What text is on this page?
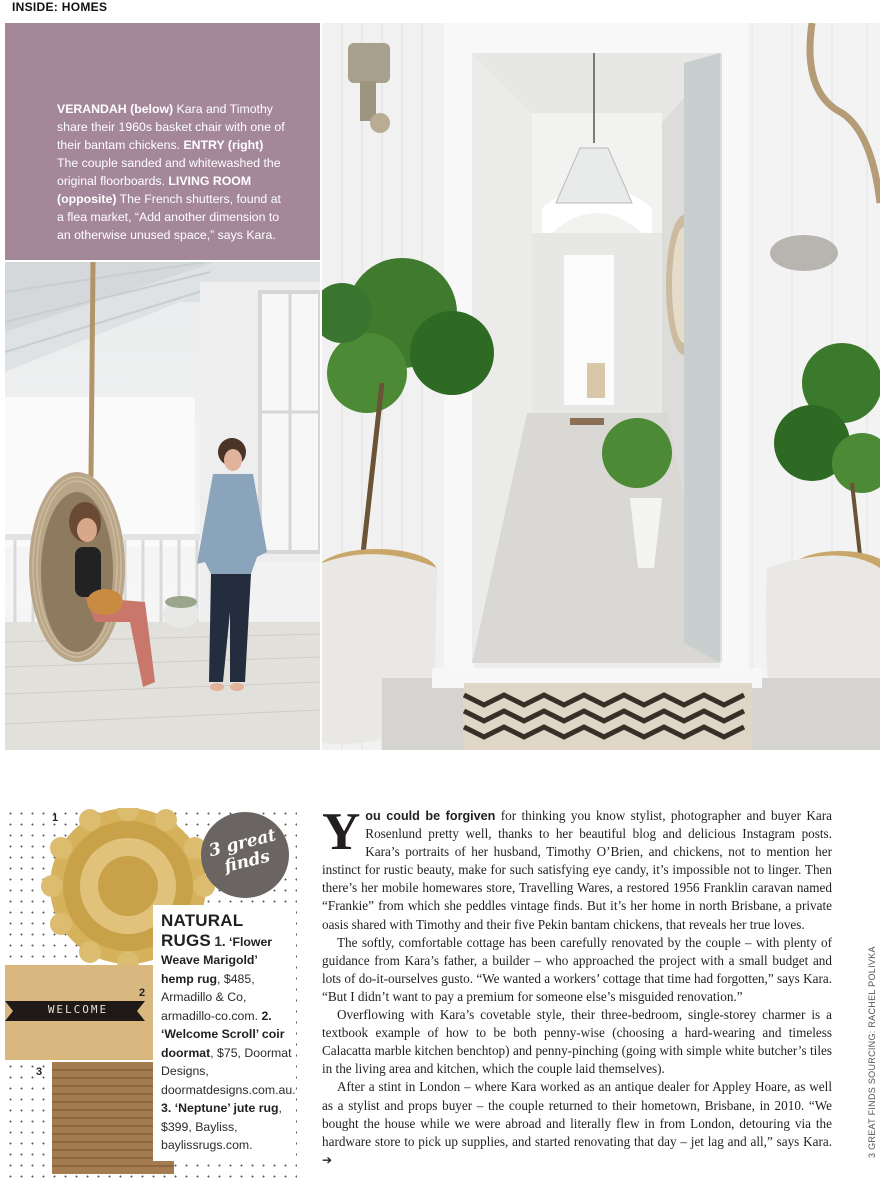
INSIDE: HOMES
VERANDAH (below) Kara and Timothy share their 1960s basket chair with one of their bantam chickens. ENTRY (right) The couple sanded and whitewashed the original floorboards. LIVING ROOM (opposite) The French shutters, found at a flea market, “Add another dimension to an otherwise unused space,” says Kara.
WELCOME
1
2
3
3 great finds
NATURAL RUGS 1. ‘Flower Weave Marigold’ hemp rug, $485, Armadillo & Co, armadillo-co.com. 2. ‘Welcome Scroll’ coir doormat, $75, Doormat Designs, doormatdesigns.com.au. 3. ‘Neptune’ jute rug, $399, Bayliss, baylissrugs.com.

You could be forgiven for thinking you know stylist, photographer and buyer Kara Rosenlund pretty well, thanks to her beautiful blog and delicious Instagram posts. Kara’s portraits of her husband, Timothy O’Brien, and chickens, not to mention her instinct for rustic beauty, make for such satisfying eye candy, it’s impossible not to linger. Then there’s her mobile homewares store, Travelling Wares, a restored 1956 Franklin caravan named “Frankie” from which she peddles vintage finds. But it’s her home in north Brisbane, a private oasis shared with Timothy and their five Pekin bantam chickens, that reveals her true loves.

The softly, comfortable cottage has been carefully renovated by the couple – with plenty of guidance from Kara’s father, a builder – who approached the project with a small budget and lots of do-it-ourselves gusto. “We wanted a workers’ cottage that time had forgotten,” says Kara. “But I didn’t want to pay a premium for someone else’s misguided renovation.”

Overflowing with Kara’s covetable style, their three-bedroom, single-storey charmer is a textbook example of how to be both penny-wise (choosing a hard-wearing and timeless Calacatta marble kitchen benchtop) and penny-pinching (going with simple white butcher’s tiles in the living area and kitchen, which the couple laid themselves).

After a stint in London – where Kara worked as an antique dealer for Appley Hoare, as well as a stylist and props buyer – the couple returned to their hometown, Brisbane, in 2010. “We bought the house while we were abroad and literally flew in from London, detouring via the hardware store to pick up supplies, and started renovating that day – jet lag and all,” says Kara. ➔

3 GREAT FINDS SOURCING: RACHEL POLIVKA
